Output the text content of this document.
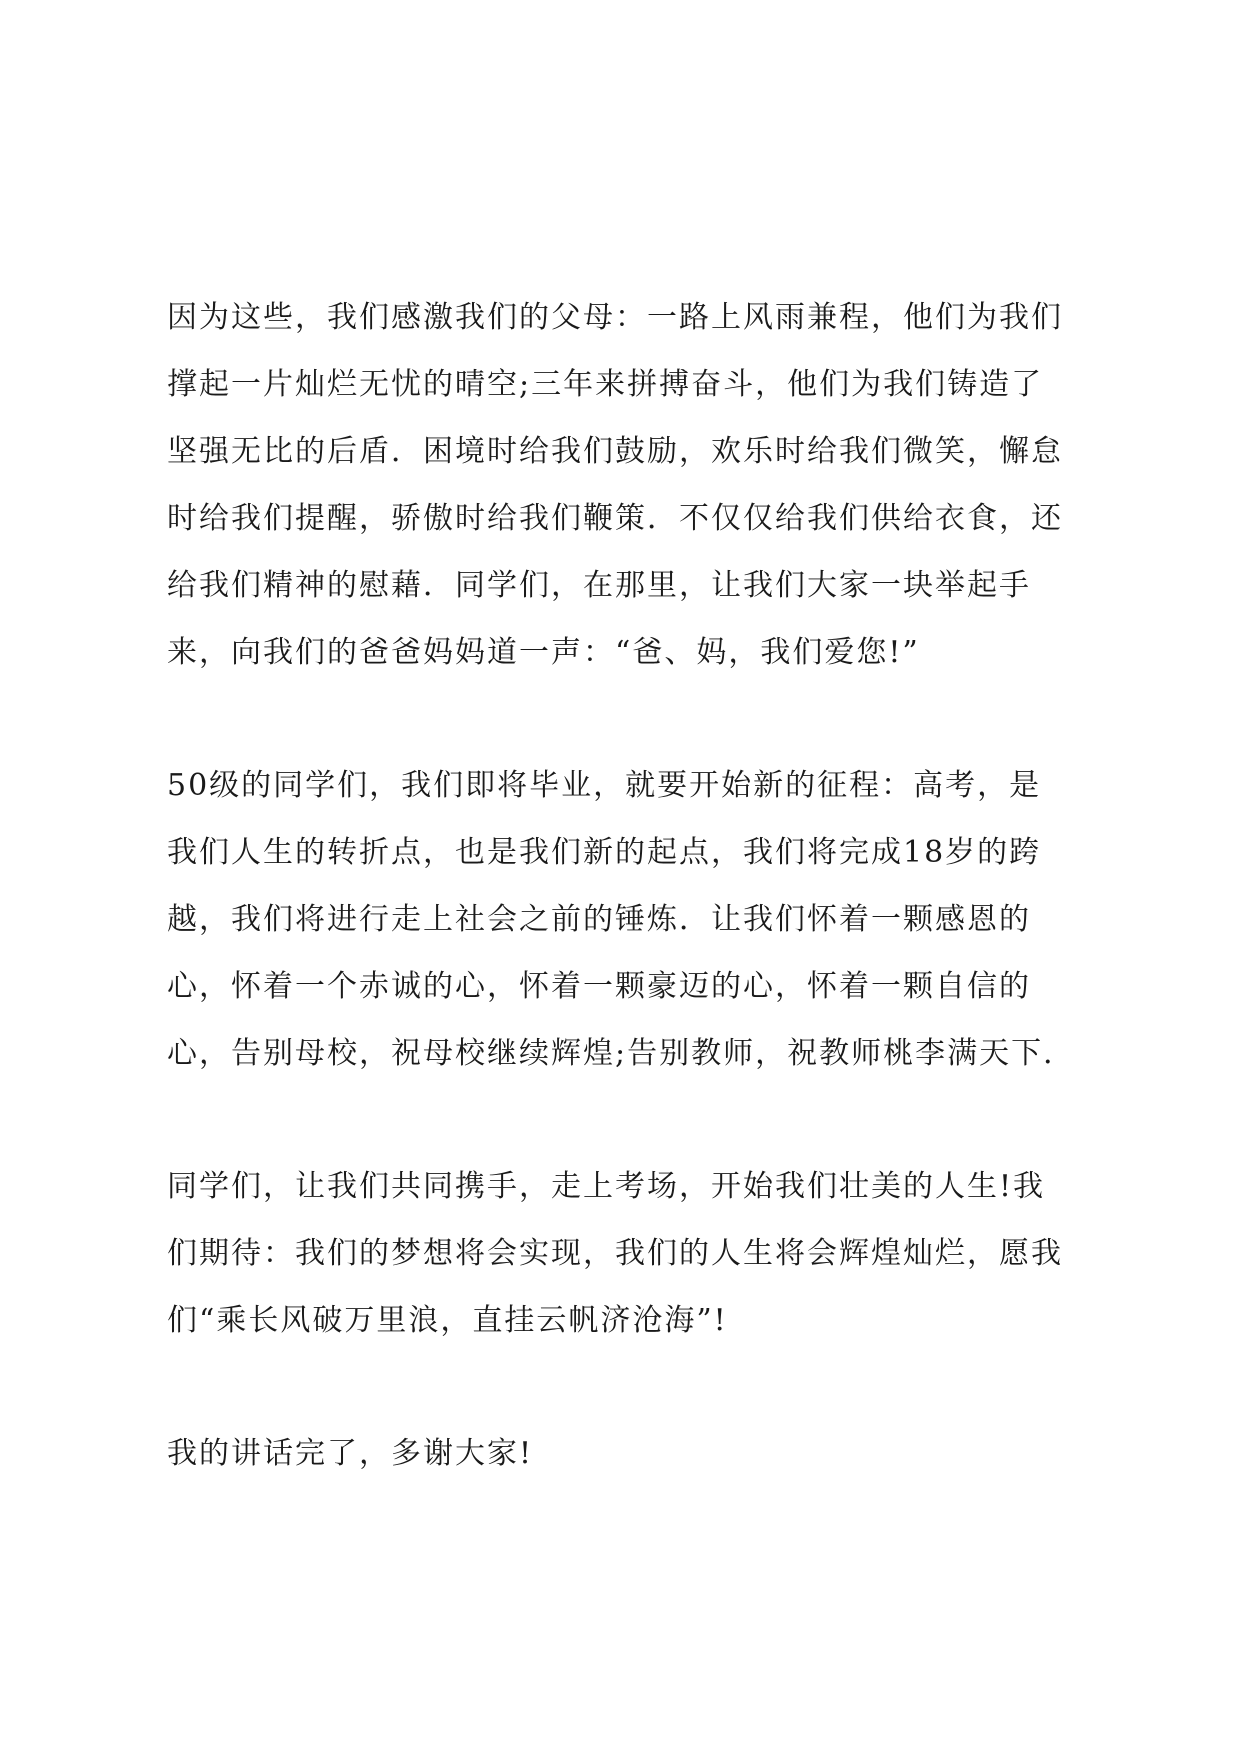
因为这些，我们感激我们的父母：一路上风雨兼程，他们为我们
撑起一片灿烂无忧的晴空;三年来拼搏奋斗，他们为我们铸造了
坚强无比的后盾．困境时给我们鼓励，欢乐时给我们微笑，懈怠
时给我们提醒，骄傲时给我们鞭策．不仅仅给我们供给衣食，还
给我们精神的慰藉．同学们，在那里，让我们大家一块举起手
来，向我们的爸爸妈妈道一声：“爸、妈，我们爱您!”
50级的同学们，我们即将毕业，就要开始新的征程：高考，是
我们人生的转折点，也是我们新的起点，我们将完成18岁的跨
越，我们将进行走上社会之前的锤炼．让我们怀着一颗感恩的
心，怀着一个赤诚的心，怀着一颗豪迈的心，怀着一颗自信的
心，告别母校，祝母校继续辉煌;告别教师，祝教师桃李满天下．
同学们，让我们共同携手，走上考场，开始我们壮美的人生!我
们期待：我们的梦想将会实现，我们的人生将会辉煌灿烂，愿我
们“乘长风破万里浪，直挂云帆济沧海”!
我的讲话完了，多谢大家!
